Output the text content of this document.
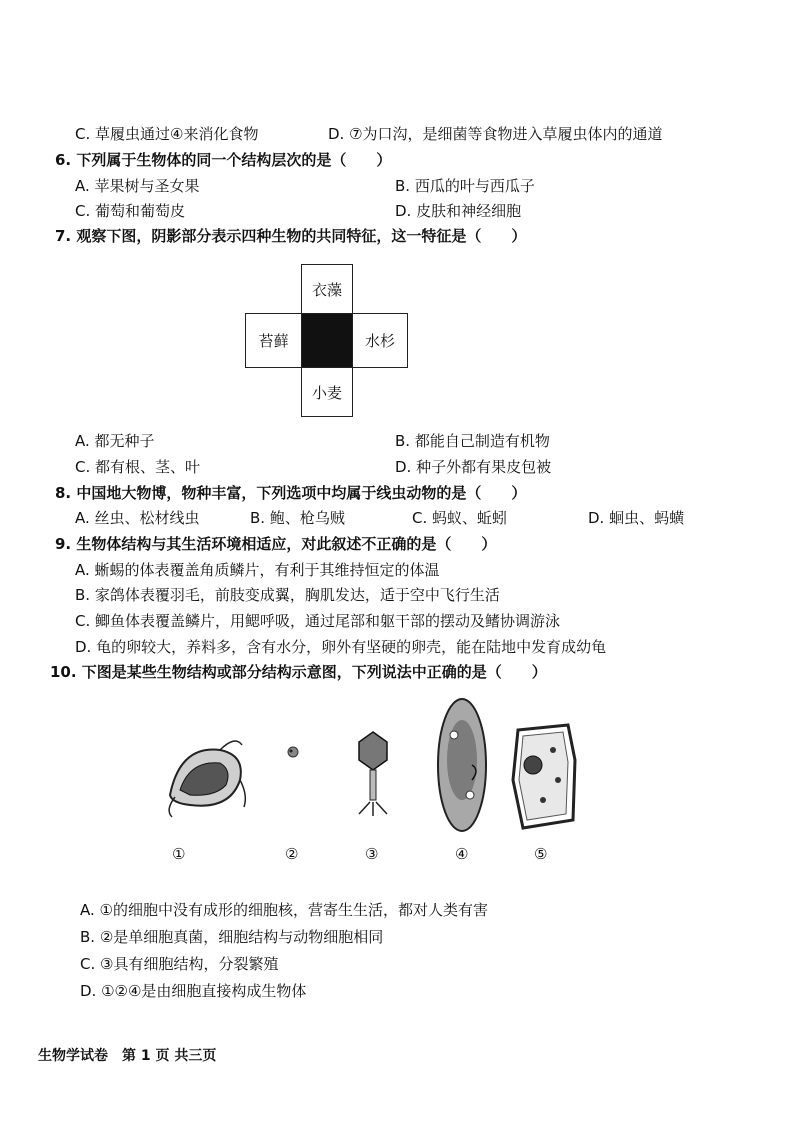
C. 草履虫通过④来消化食物	D. ⑦为口沟，是细菌等食物进入草履虫体内的通道
6. 下列属于生物体的同一个结构层次的是（　　）
A. 苹果树与圣女果	B. 西瓜的叶与西瓜子
C. 葡萄和葡萄皮	D. 皮肤和神经细胞
7. 观察下图，阴影部分表示四种生物的共同特征，这一特征是（　　）
衣藻
苔藓	水杉
小麦
A. 都无种子	B. 都能自己制造有机物
C. 都有根、茎、叶	D. 种子外都有果皮包被
8. 中国地大物博，物种丰富，下列选项中均属于线虫动物的是（　　）
A. 丝虫、松材线虫	B. 鲍、枪乌贼	C. 蚂蚁、蚯蚓	D. 蛔虫、蚂蟥
9. 生物体结构与其生活环境相适应，对此叙述不正确的是（　　）
A. 蜥蜴的体表覆盖角质鳞片，有利于其维持恒定的体温
B. 家鸽体表覆羽毛，前肢变成翼，胸肌发达，适于空中飞行生活
C. 鲫鱼体表覆盖鳞片，用鳃呼吸，通过尾部和躯干部的摆动及鳍协调游泳
D. 龟的卵较大，养料多，含有水分，卵外有坚硬的卵壳，能在陆地中发育成幼龟
10. 下图是某些生物结构或部分结构示意图，下列说法中正确的是（　　）
①	②	③	④	⑤
A. ①的细胞中没有成形的细胞核，营寄生生活，都对人类有害
B. ②是单细胞真菌，细胞结构与动物细胞相同
C. ③具有细胞结构，分裂繁殖
D. ①②④是由细胞直接构成生物体
生物学试卷　第 1 页 共三页
